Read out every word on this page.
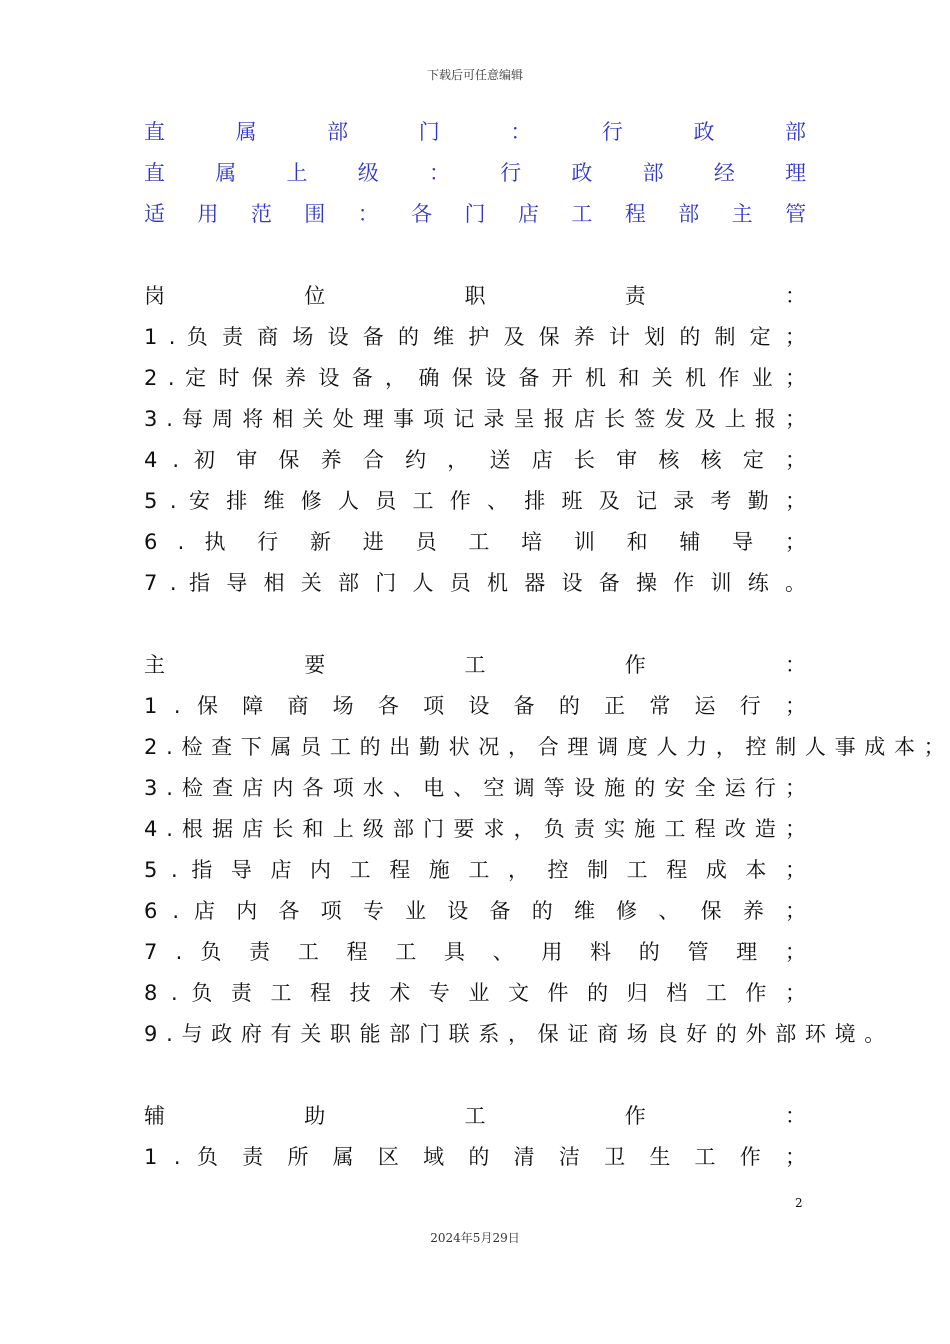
下载后可任意编辑
直 属 部 门 ： 行 政 部
直 属 上 级 ： 行 政 部 经 理
适 用 范 围 ： 各 门 店 工 程 部 主 管
岗	位	职	责	：
1 . 负 责 商 场 设 备 的 维 护 及 保 养 计 划 的 制 定 ；
2 . 定 时 保 养 设 备 ， 确 保 设 备 开 机 和 关 机 作 业 ；
3 . 每 周 将 相 关 处 理 事 项 记 录 呈 报 店 长 签 发 及 上 报 ；
4 . 初 审 保 养 合 约 ， 送 店 长 审 核 核 定 ；
5 . 安 排 维 修 人 员 工 作 、 排 班 及 记 录 考 勤 ；
6 . 执 行 新 进 员 工 培 训 和 辅 导 ；
7 . 指 导 相 关 部 门 人 员 机 器 设 备 操 作 训 练 。
主	要	工	作	：
1 . 保 障 商 场 各 项 设 备 的 正 常 运 行 ；
2 . 检 查 下 属 员 工 的 出 勤 状 况 ， 合 理 调 度 人 力 ， 控 制 人 事 成 本 ；
3 . 检 查 店 内 各 项 水 、 电 、 空 调 等 设 施 的 安 全 运 行 ；
4 . 根 据 店 长 和 上 级 部 门 要 求 ， 负 责 实 施 工 程 改 造 ；
5 . 指 导 店 内 工 程 施 工 ， 控 制 工 程 成 本 ；
6 . 店 内 各 项 专 业 设 备 的 维 修 、 保 养 ；
7 . 负 责 工 程 工 具 、 用 料 的 管 理 ；
8 . 负 责 工 程 技 术 专 业 文 件 的 归 档 工 作 ；
9 . 与 政 府 有 关 职 能 部 门 联 系 ， 保 证 商 场 良 好 的 外 部 环 境 。
辅	助	工	作	：
1 . 负 责 所 属 区 域 的 清 洁 卫 生 工 作 ；
2
2024年5月29日
